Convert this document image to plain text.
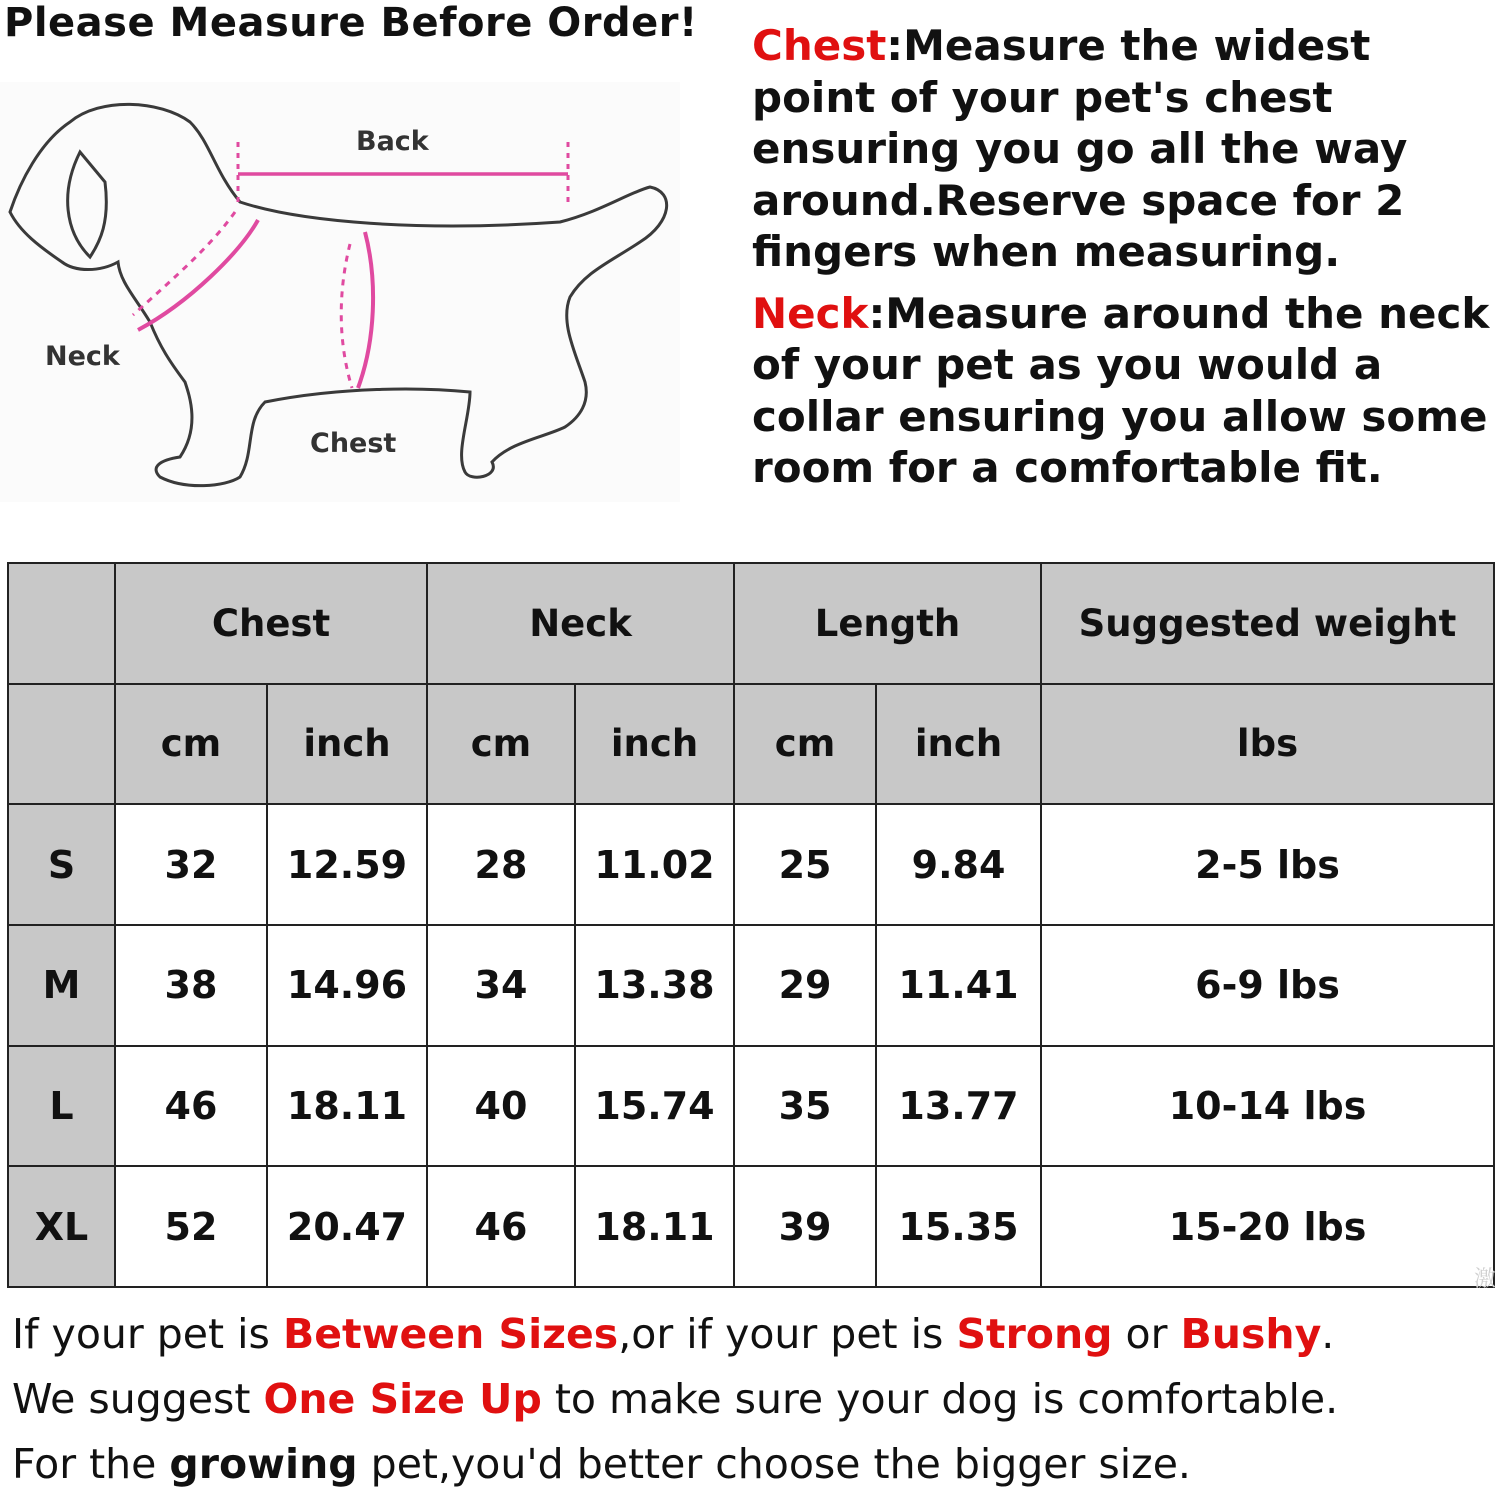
Please Measure Before Order!
Back
Neck
Chest

Chest:Measure the widest point of your pet's chest ensuring you go all the way around.Reserve space for 2 fingers when measuring.

Neck:Measure around the neck of your pet as you would a collar ensuring you allow some room for a comfortable fit.

	Chest		Neck		Length		Suggested weight
	cm	inch	cm	inch	cm	inch	lbs
S	32	12.59	28	11.02	25	9.84	2-5 lbs
M	38	14.96	34	13.38	29	11.41	6-9 lbs
L	46	18.11	40	15.74	35	13.77	10-14 lbs
XL	52	20.47	46	18.11	39	15.35	15-20 lbs
激
If your pet is Between Sizes,or if your pet is Strong or Bushy.
We suggest One Size Up to make sure your dog is comfortable.
For the growing pet,you'd better choose the bigger size.
